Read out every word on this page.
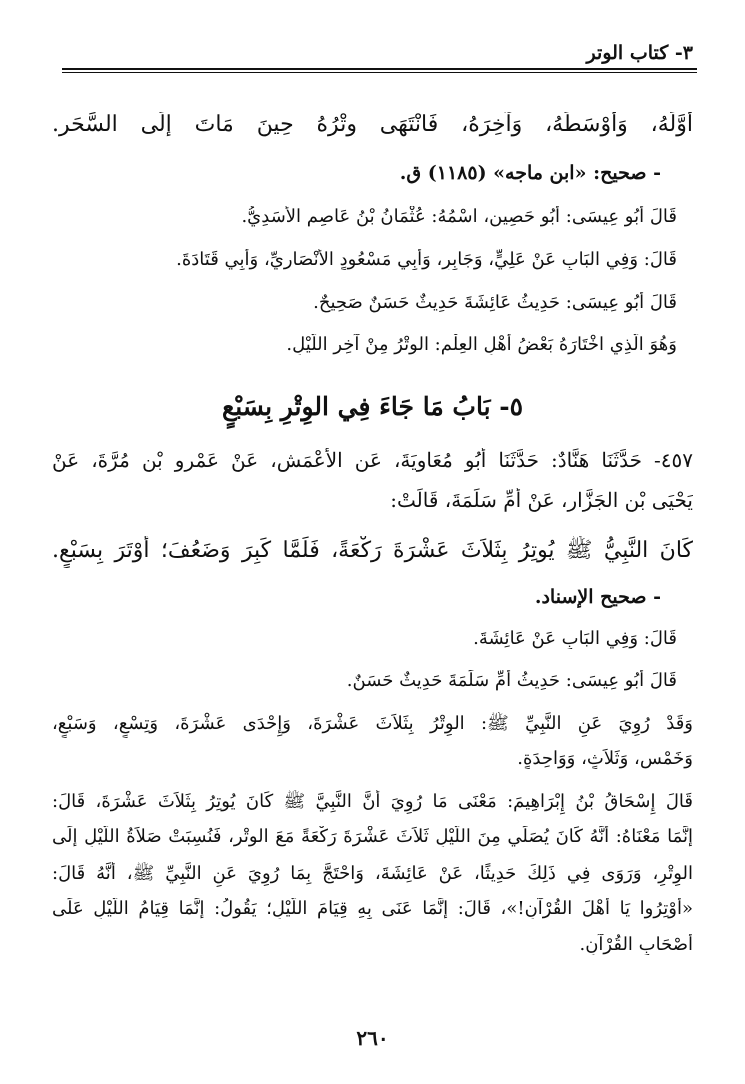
٣- كتاب الوتر
أَوَّلَهُ، وَأَوْسَطَهُ، وَآخِرَهُ، فَانْتَهَى وِتْرُهُ حِينَ مَاتَ إِلَى السَّحَرِ.
- صحيح: «ابن ماجه» (١١٨٥) ق.
قَالَ أَبُو عِيسَى: أَبُو حَصِينٍ، اسْمُهُ: عُثْمَانُ بْنُ عَاصِمٍ الأَسَدِيُّ.
قَالَ: وَفِي البَابِ عَنْ عَلِيٍّ، وَجَابِرٍ، وَأَبِي مَسْعُودٍ الأَنْصَارِيِّ، وَأَبِي قَتَادَةَ.
قَالَ أَبُو عِيسَى: حَدِيثُ عَائِشَةَ حَدِيثٌ حَسَنٌ صَحِيحٌ.
وَهُوَ الَّذِي اخْتَارَهُ بَعْضُ أَهْلِ العِلْمِ: الوِتْرُ مِنْ آخِرِ اللَّيْلِ.
٥- بَابُ مَا جَاءَ فِي الوِتْرِ بِسَبْعٍ
٤٥٧- حَدَّثَنَا هَنَّادٌ: حَدَّثَنَا أَبُو مُعَاوِيَةَ، عَنِ الأَعْمَشِ، عَنْ عَمْرِو بْنِ مُرَّةَ، عَنْ
يَحْيَى بْنِ الجَزَّارِ، عَنْ أُمِّ سَلَمَةَ، قَالَتْ:
كَانَ النَّبِيُّ ﷺ يُوتِرُ بِثَلاَثَ عَشْرَةَ رَكْعَةً، فَلَمَّا كَبِرَ وَضَعُفَ؛ أَوْتَرَ بِسَبْعٍ.
- صحيح الإسناد.
قَالَ: وَفِي البَابِ عَنْ عَائِشَةَ.
قَالَ أَبُو عِيسَى: حَدِيثُ أُمِّ سَلَمَةَ حَدِيثٌ حَسَنٌ.
وَقَدْ رُوِيَ عَنِ النَّبِيِّ ﷺ: الوِتْرُ بِثَلاَثَ عَشْرَةَ، وَإِحْدَى عَشْرَةَ، وَتِسْعٍ، وَسَبْعٍ،
وَخَمْسٍ، وَثَلاَثٍ، وَوَاحِدَةٍ.
قَالَ إِسْحَاقُ بْنُ إِبْرَاهِيمَ: مَعْنَى مَا رُوِيَ أَنَّ النَّبِيَّ ﷺ كَانَ يُوتِرُ بِثَلاَثَ عَشْرَةَ، قَالَ:
إِنَّمَا مَعْنَاهُ: أَنَّهُ كَانَ يُصَلِّي مِنَ اللَّيْلِ ثَلاَثَ عَشْرَةَ رَكْعَةً مَعَ الوِتْرِ، فَنُسِبَتْ صَلاَةُ اللَّيْلِ إِلَى
الوِتْرِ، وَرَوَى فِي ذَلِكَ حَدِيثًا، عَنْ عَائِشَةَ، وَاحْتَجَّ بِمَا رُوِيَ عَنِ النَّبِيِّ ﷺ، أَنَّهُ قَالَ:
«أَوْتِرُوا يَا أَهْلَ القُرْآنِ!»، قَالَ: إِنَّمَا عَنَى بِهِ قِيَامَ اللَّيْلِ؛ يَقُولُ: إِنَّمَا قِيَامُ اللَّيْلِ عَلَى
أَصْحَابِ القُرْآنِ.
٢٦٠
